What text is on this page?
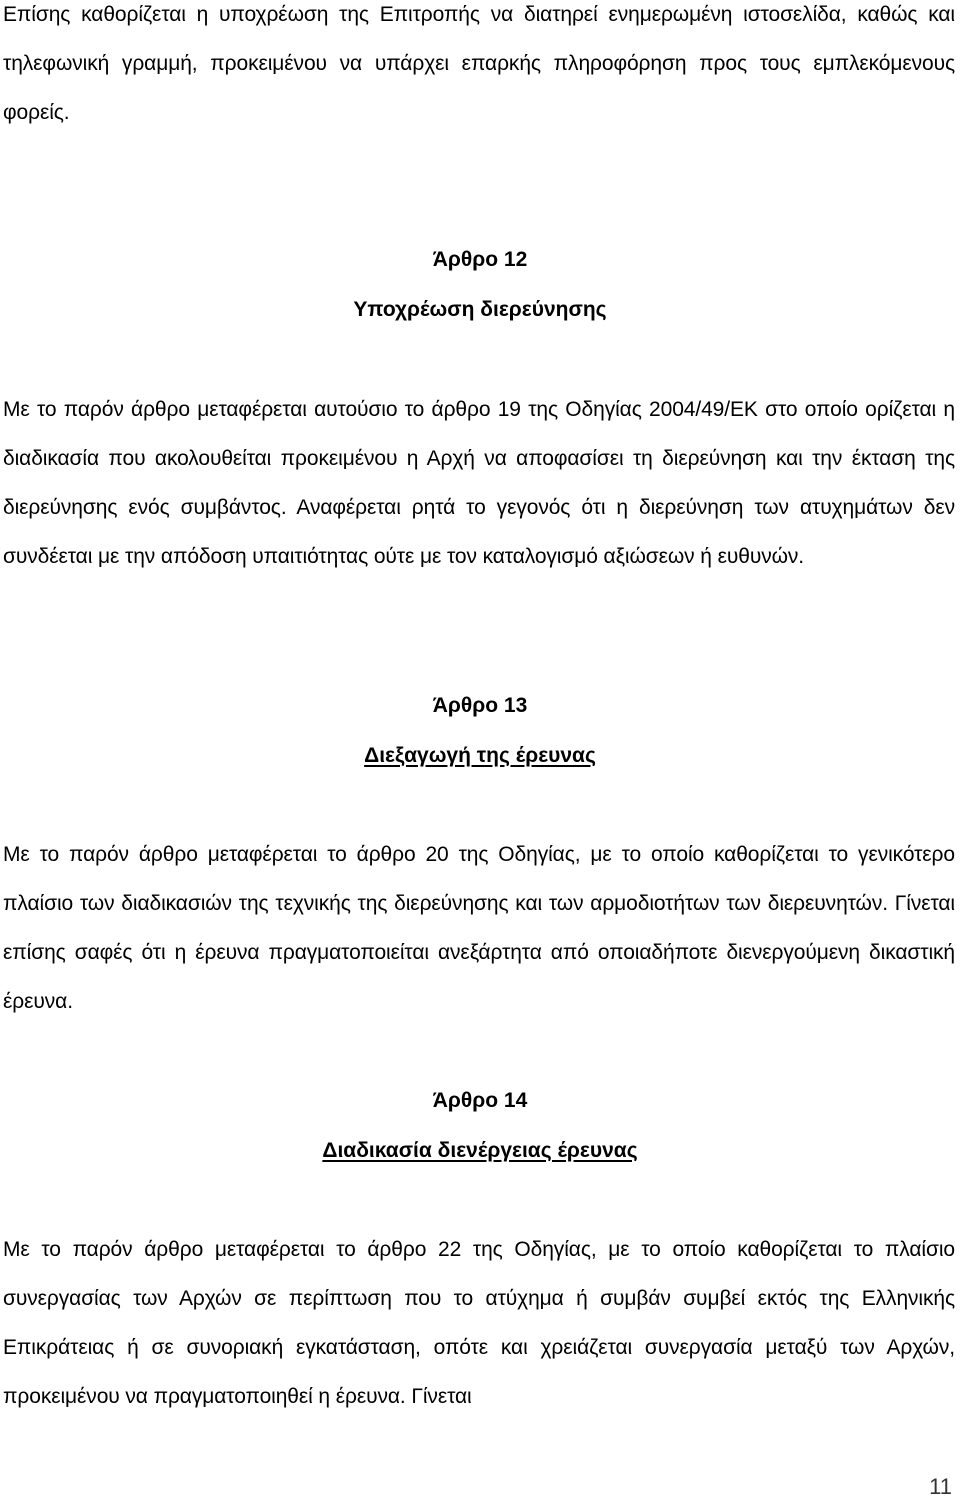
Επίσης καθορίζεται η υποχρέωση της Επιτροπής να διατηρεί ενημερωμένη ιστοσελίδα, καθώς και τηλεφωνική γραμμή, προκειμένου να υπάρχει επαρκής πληροφόρηση προς τους εμπλεκόμενους φορείς.

Άρθρο 12

Υποχρέωση διερεύνησης

Με το παρόν άρθρο μεταφέρεται αυτούσιο το άρθρο 19 της Οδηγίας 2004/49/ΕΚ στο οποίο ορίζεται η διαδικασία που ακολουθείται προκειμένου η Αρχή να αποφασίσει τη διερεύνηση και την έκταση της διερεύνησης ενός συμβάντος. Αναφέρεται ρητά το γεγονός ότι η διερεύνηση των ατυχημάτων δεν συνδέεται με την απόδοση υπαιτιότητας ούτε με τον καταλογισμό αξιώσεων ή ευθυνών.

Άρθρο 13

Διεξαγωγή της έρευνας

Με το παρόν άρθρο μεταφέρεται το άρθρο 20 της Οδηγίας, με το οποίο καθορίζεται το γενικότερο πλαίσιο των διαδικασιών της τεχνικής της διερεύνησης και των αρμοδιοτήτων των διερευνητών. Γίνεται επίσης σαφές ότι η έρευνα πραγματοποιείται ανεξάρτητα από οποιαδήποτε διενεργούμενη δικαστική έρευνα.

Άρθρο 14

Διαδικασία διενέργειας έρευνας

Με το παρόν άρθρο μεταφέρεται το άρθρο 22 της Οδηγίας, με το οποίο καθορίζεται το πλαίσιο συνεργασίας των Αρχών σε περίπτωση που το ατύχημα ή συμβάν συμβεί εκτός της Ελληνικής Επικράτειας ή σε συνοριακή εγκατάσταση, οπότε και χρειάζεται συνεργασία μεταξύ των Αρχών, προκειμένου να πραγματοποιηθεί η έρευνα. Γίνεται

11
